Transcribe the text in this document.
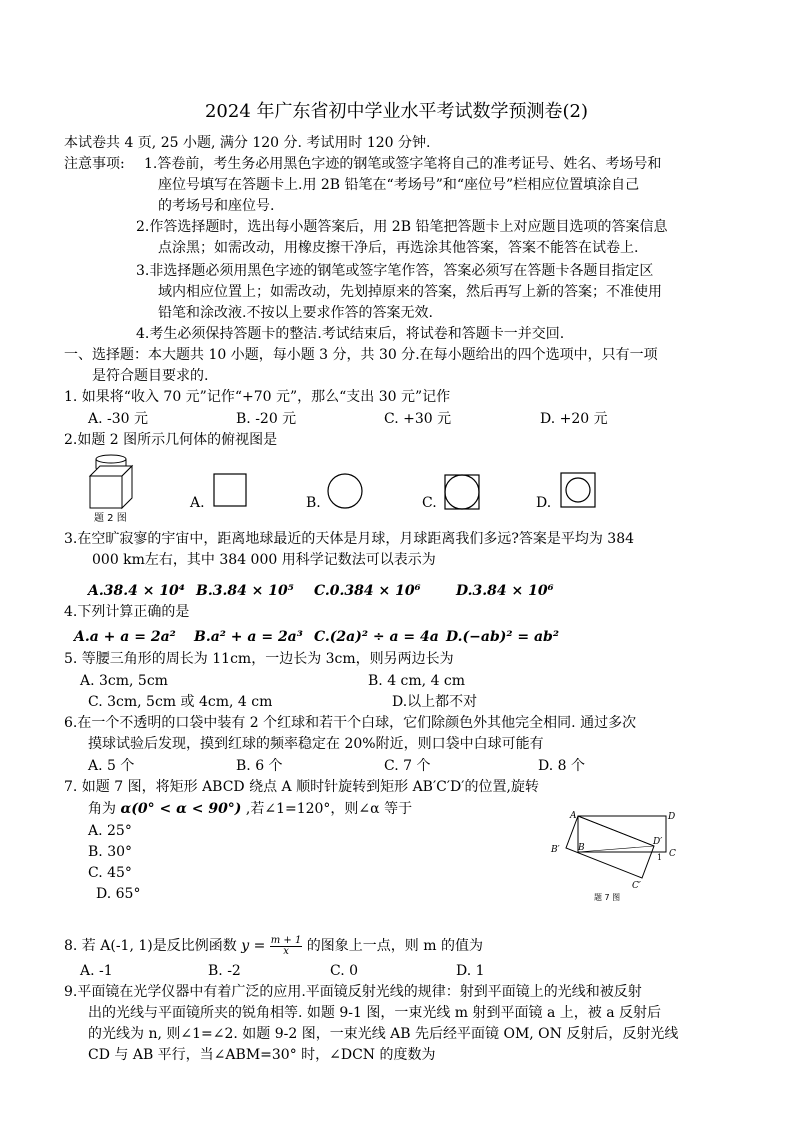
2024 年广东省初中学业水平考试数学预测卷(2)
本试卷共 4 页, 25 小题, 满分 120 分. 考试用时 120 分钟.
注意事项: 1.答卷前，考生务必用黑色字迹的钢笔或签字笔将自己的准考证号、姓名、考场号和
座位号填写在答题卡上.用 2B 铅笔在“考场号”和“座位号”栏相应位置填涂自己
的考场号和座位号.
2.作答选择题时，选出每小题答案后，用 2B 铅笔把答题卡上对应题目选项的答案信息
点涂黑；如需改动，用橡皮擦干净后，再选涂其他答案，答案不能答在试卷上.
3.非选择题必须用黑色字迹的钢笔或签字笔作答，答案必须写在答题卡各题目指定区
域内相应位置上；如需改动，先划掉原来的答案，然后再写上新的答案；不准使用
铅笔和涂改液.不按以上要求作答的答案无效.
4.考生必须保持答题卡的整洁.考试结束后，将试卷和答题卡一并交回.
一、选择题：本大题共 10 小题，每小题 3 分，共 30 分.在每小题给出的四个选项中，只有一项
是符合题目要求的.
1. 如果将“收入 70 元”记作“+70 元”，那么“支出 30 元”记作
A. -30 元	B. -20 元	C. +30 元	D. +20 元
2.如题 2 图所示几何体的俯视图是
题 2 图
A.	B.	C.	D.
3.在空旷寂寥的宇宙中，距离地球最近的天体是月球，月球距离我们多远?答案是平均为 384
000 km左右，其中 384 000 用科学记数法可以表示为
A.38.4 × 10⁴ B.3.84 × 10⁵ C.0.384 × 10⁶	D.3.84 × 10⁶
4.下列计算正确的是
A.a + a = 2a² B.a² + a = 2a³ C.(2a)² ÷ a = 4a D.(−ab)² = ab²
5. 等腰三角形的周长为 11cm，一边长为 3cm，则另两边长为
A. 3cm, 5cm	B. 4 cm, 4 cm
C. 3cm, 5cm 或 4cm, 4 cm	D.以上都不对
6.在一个不透明的口袋中装有 2 个红球和若干个白球，它们除颜色外其他完全相同. 通过多次
摸球试验后发现，摸到红球的频率稳定在 20%附近，则口袋中白球可能有
A. 5 个	B. 6 个	C. 7 个	D. 8 个
7. 如题 7 图，将矩形 ABCD 绕点 A 顺时针旋转到矩形 AB′C′D′的位置,旋转
角为 α(0° < α < 90°) ,若∠1=120°，则∠α 等于
A. 25°
B. 30°
C. 45°
D. 65°
A	D
B
C
B′
C′
D′
1
题 7 图
8. 若 A(-1, 1)是反比例函数 $y = \frac{m + 1}{x}$ 的图象上一点，则 m 的值为
A. -1	B. -2	C. 0	D. 1
9.平面镜在光学仪器中有着广泛的应用.平面镜反射光线的规律：射到平面镜上的光线和被反射
出的光线与平面镜所夹的锐角相等. 如题 9-1 图，一束光线 m 射到平面镜 a 上，被 a 反射后
的光线为 n, 则∠1=∠2. 如题 9-2 图，一束光线 AB 先后经平面镜 OM, ON 反射后，反射光线
CD 与 AB 平行，当∠ABM=30° 时，∠DCN 的度数为
